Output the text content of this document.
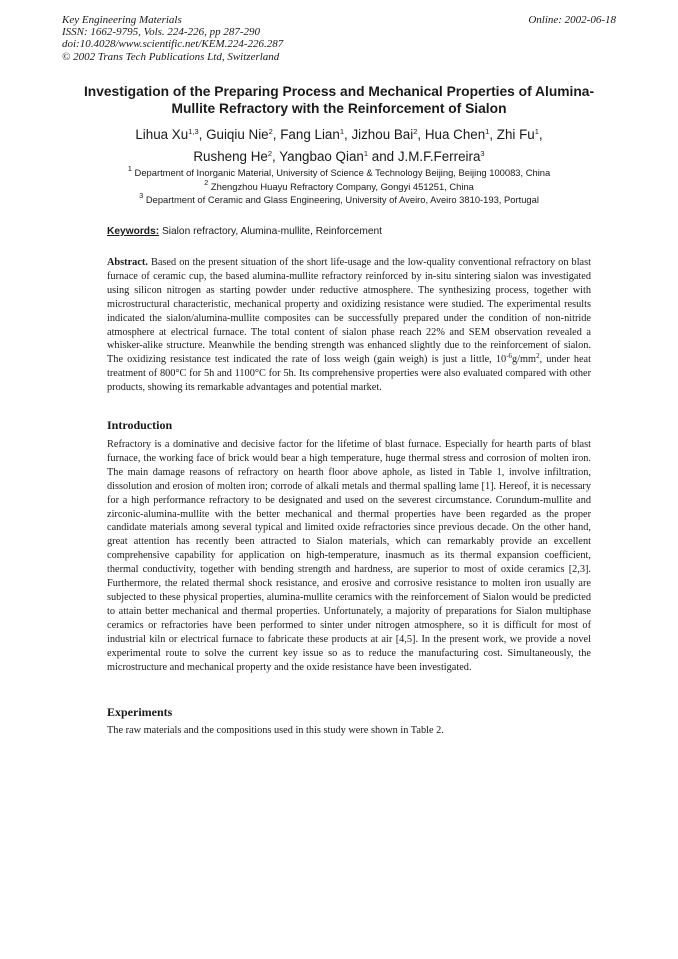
Key Engineering Materials
ISSN: 1662-9795, Vols. 224-226, pp 287-290
doi:10.4028/www.scientific.net/KEM.224-226.287
© 2002 Trans Tech Publications Ltd, Switzerland
Online: 2002-06-18
Investigation of the Preparing Process and Mechanical Properties of Alumina-Mullite Refractory with the Reinforcement of Sialon
Lihua Xu$^{1,3}$, Guiqiu Nie$^2$, Fang Lian$^1$, Jizhou Bai$^2$, Hua Chen$^1$, Zhi Fu$^1$,
Rusheng He$^2$, Yangbao Qian$^1$ and J.M.F.Ferreira$^3$
$^1$ Department of Inorganic Material, University of Science & Technology Beijing, Beijing 100083, China
$^2$ Zhengzhou Huayu Refractory Company, Gongyi 451251, China
$^3$ Department of Ceramic and Glass Engineering, University of Aveiro, Aveiro 3810-193, Portugal
Keywords: Sialon refractory, Alumina-mullite, Reinforcement

Abstract. Based on the present situation of the short life-usage and the low-quality conventional refractory on blast furnace of ceramic cup, the based alumina-mullite refractory reinforced by in-situ sintering sialon was investigated using silicon nitrogen as starting powder under reductive atmosphere. The synthesizing process, together with microstructural characteristic, mechanical property and oxidizing resistance were studied. The experimental results indicated the sialon/alumina-mullite composites can be successfully prepared under the condition of non-nitride atmosphere at electrical furnace. The total content of sialon phase reach 22% and SEM observation revealed a whisker-alike structure. Meanwhile the bending strength was enhanced slightly due to the reinforcement of sialon. The oxidizing resistance test indicated the rate of loss weigh (gain weigh) is just a little, $10^{-6}g/mm^2$, under heat treatment of 800°C for 5h and 1100°C for 5h. Its comprehensive properties were also evaluated compared with other products, showing its remarkable advantages and potential market.

Introduction

Refractory is a dominative and decisive factor for the lifetime of blast furnace. Especially for hearth parts of blast furnace, the working face of brick would bear a high temperature, huge thermal stress and corrosion of molten iron. The main damage reasons of refractory on hearth floor above aphole, as listed in Table 1, involve infiltration, dissolution and erosion of molten iron; corrode of alkali metals and thermal spalling lame [1]. Hereof, it is necessary for a high performance refractory to be designated and used on the severest circumstance. Corundum-mullite and zirconic-alumina-mullite with the better mechanical and thermal properties have been regarded as the proper candidate materials among several typical and limited oxide refractories since previous decade. On the other hand, great attention has recently been attracted to Sialon materials, which can remarkably provide an excellent comprehensive capability for application on high-temperature, inasmuch as its thermal expansion coefficient, thermal conductivity, together with bending strength and hardness, are superior to most of oxide ceramics [2,3]. Furthermore, the related thermal shock resistance, and erosive and corrosive resistance to molten iron usually are subjected to these physical properties, alumina-mullite ceramics with the reinforcement of Sialon would be predicted to attain better mechanical and thermal properties. Unfortunately, a majority of preparations for Sialon multiphase ceramics or refractories have been performed to sinter under nitrogen atmosphere, so it is difficult for most of industrial kiln or electrical furnace to fabricate these products at air [4,5]. In the present work, we provide a novel experimental route to solve the current key issue so as to reduce the manufacturing cost. Simultaneously, the microstructure and mechanical property and the oxide resistance have been investigated.

Experiments

The raw materials and the compositions used in this study were shown in Table 2.
